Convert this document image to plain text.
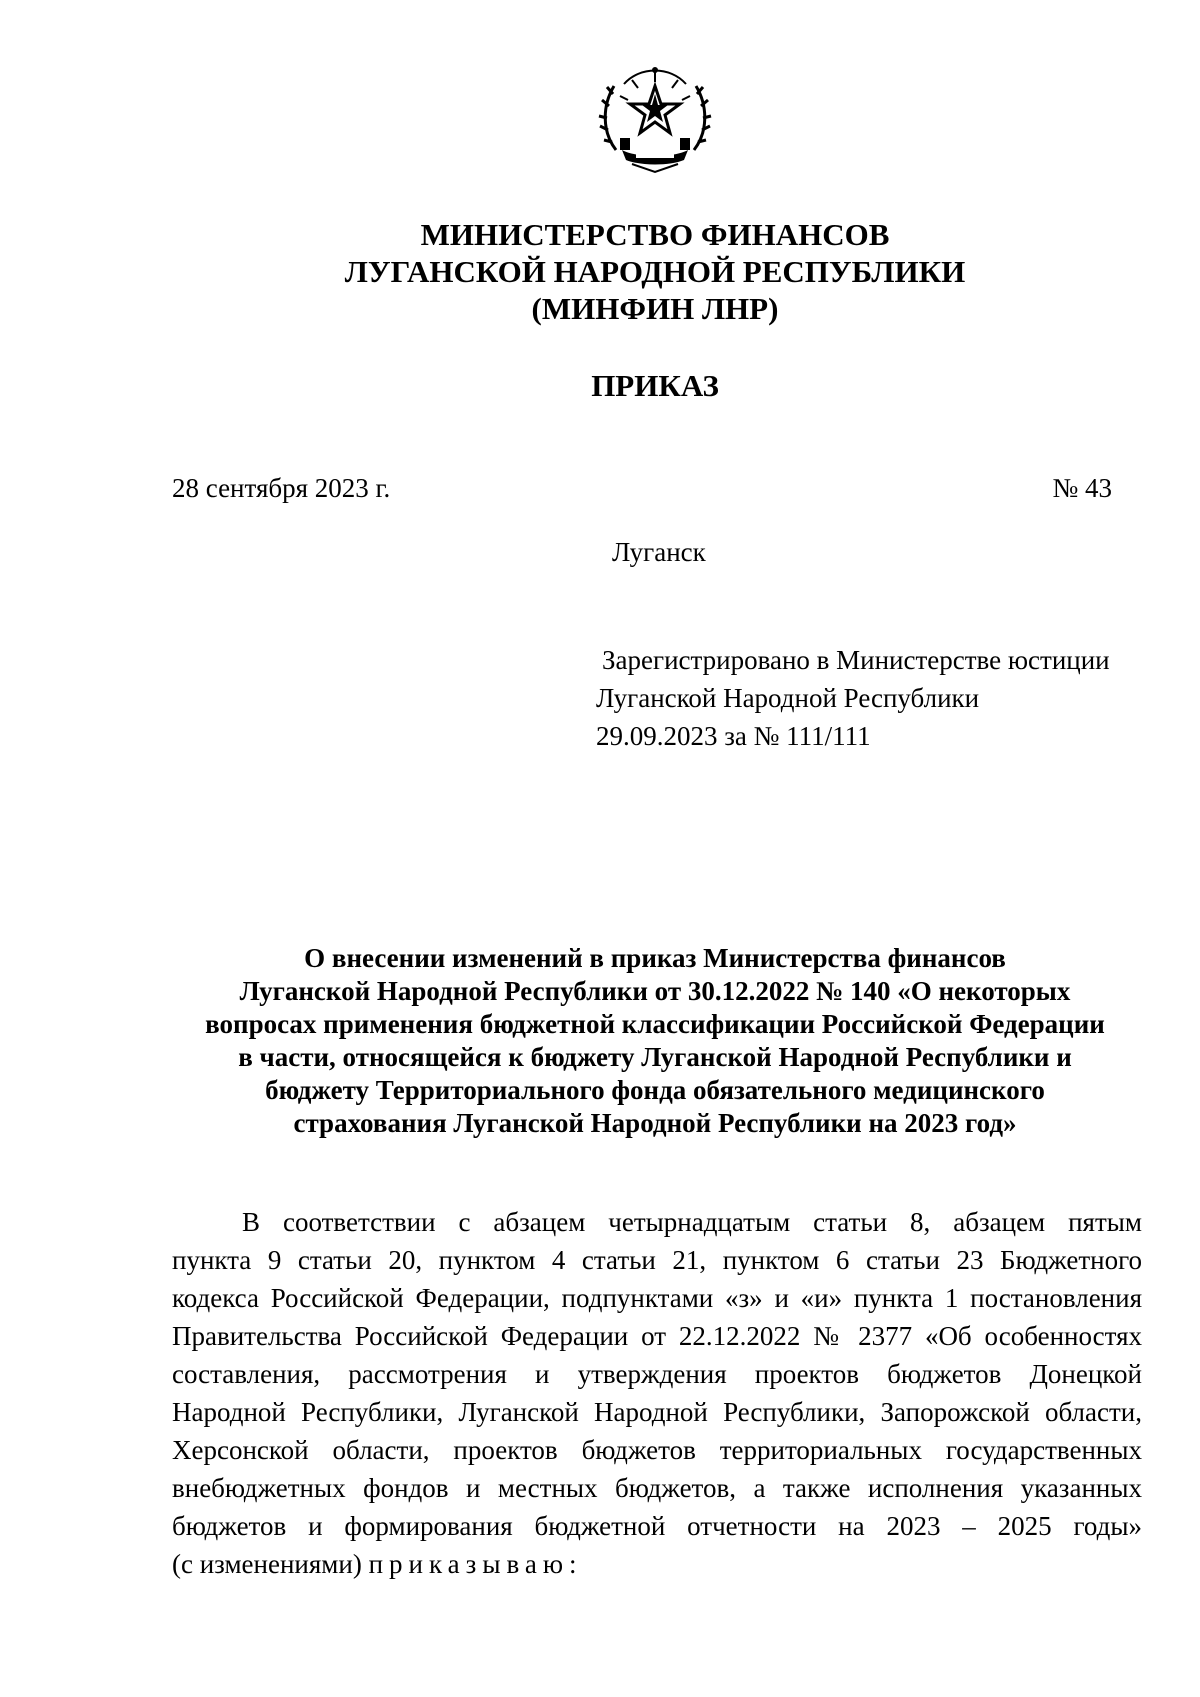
МИНИСТЕРСТВО ФИНАНСОВ
ЛУГАНСКОЙ НАРОДНОЙ РЕСПУБЛИКИ
(МИНФИН ЛНР)
ПРИКАЗ
28 сентября 2023 г.	№ 43
Луганск
Зарегистрировано в Министерстве юстиции
Луганской Народной Республики
29.09.2023 за № 111/111
О внесении изменений в приказ Министерства финансов
Луганской Народной Республики от 30.12.2022 № 140 «О некоторых
вопросах применения бюджетной классификации Российской Федерации
в части, относящейся к бюджету Луганской Народной Республики и
бюджету Территориального фонда обязательного медицинского
страхования Луганской Народной Республики на 2023 год»
В соответствии с абзацем четырнадцатым статьи 8, абзацем пятым
пункта 9 статьи 20, пунктом 4 статьи 21, пунктом 6 статьи 23 Бюджетного
кодекса Российской Федерации, подпунктами «з» и «и» пункта 1 постановления
Правительства Российской Федерации от 22.12.2022 № 2377 «Об особенностях
составления, рассмотрения и утверждения проектов бюджетов Донецкой
Народной Республики, Луганской Народной Республики, Запорожской области,
Херсонской области, проектов бюджетов территориальных государственных
внебюджетных фондов и местных бюджетов, а также исполнения указанных
бюджетов и формирования бюджетной отчетности на 2023 – 2025 годы»
(с изменениями) приказываю:
